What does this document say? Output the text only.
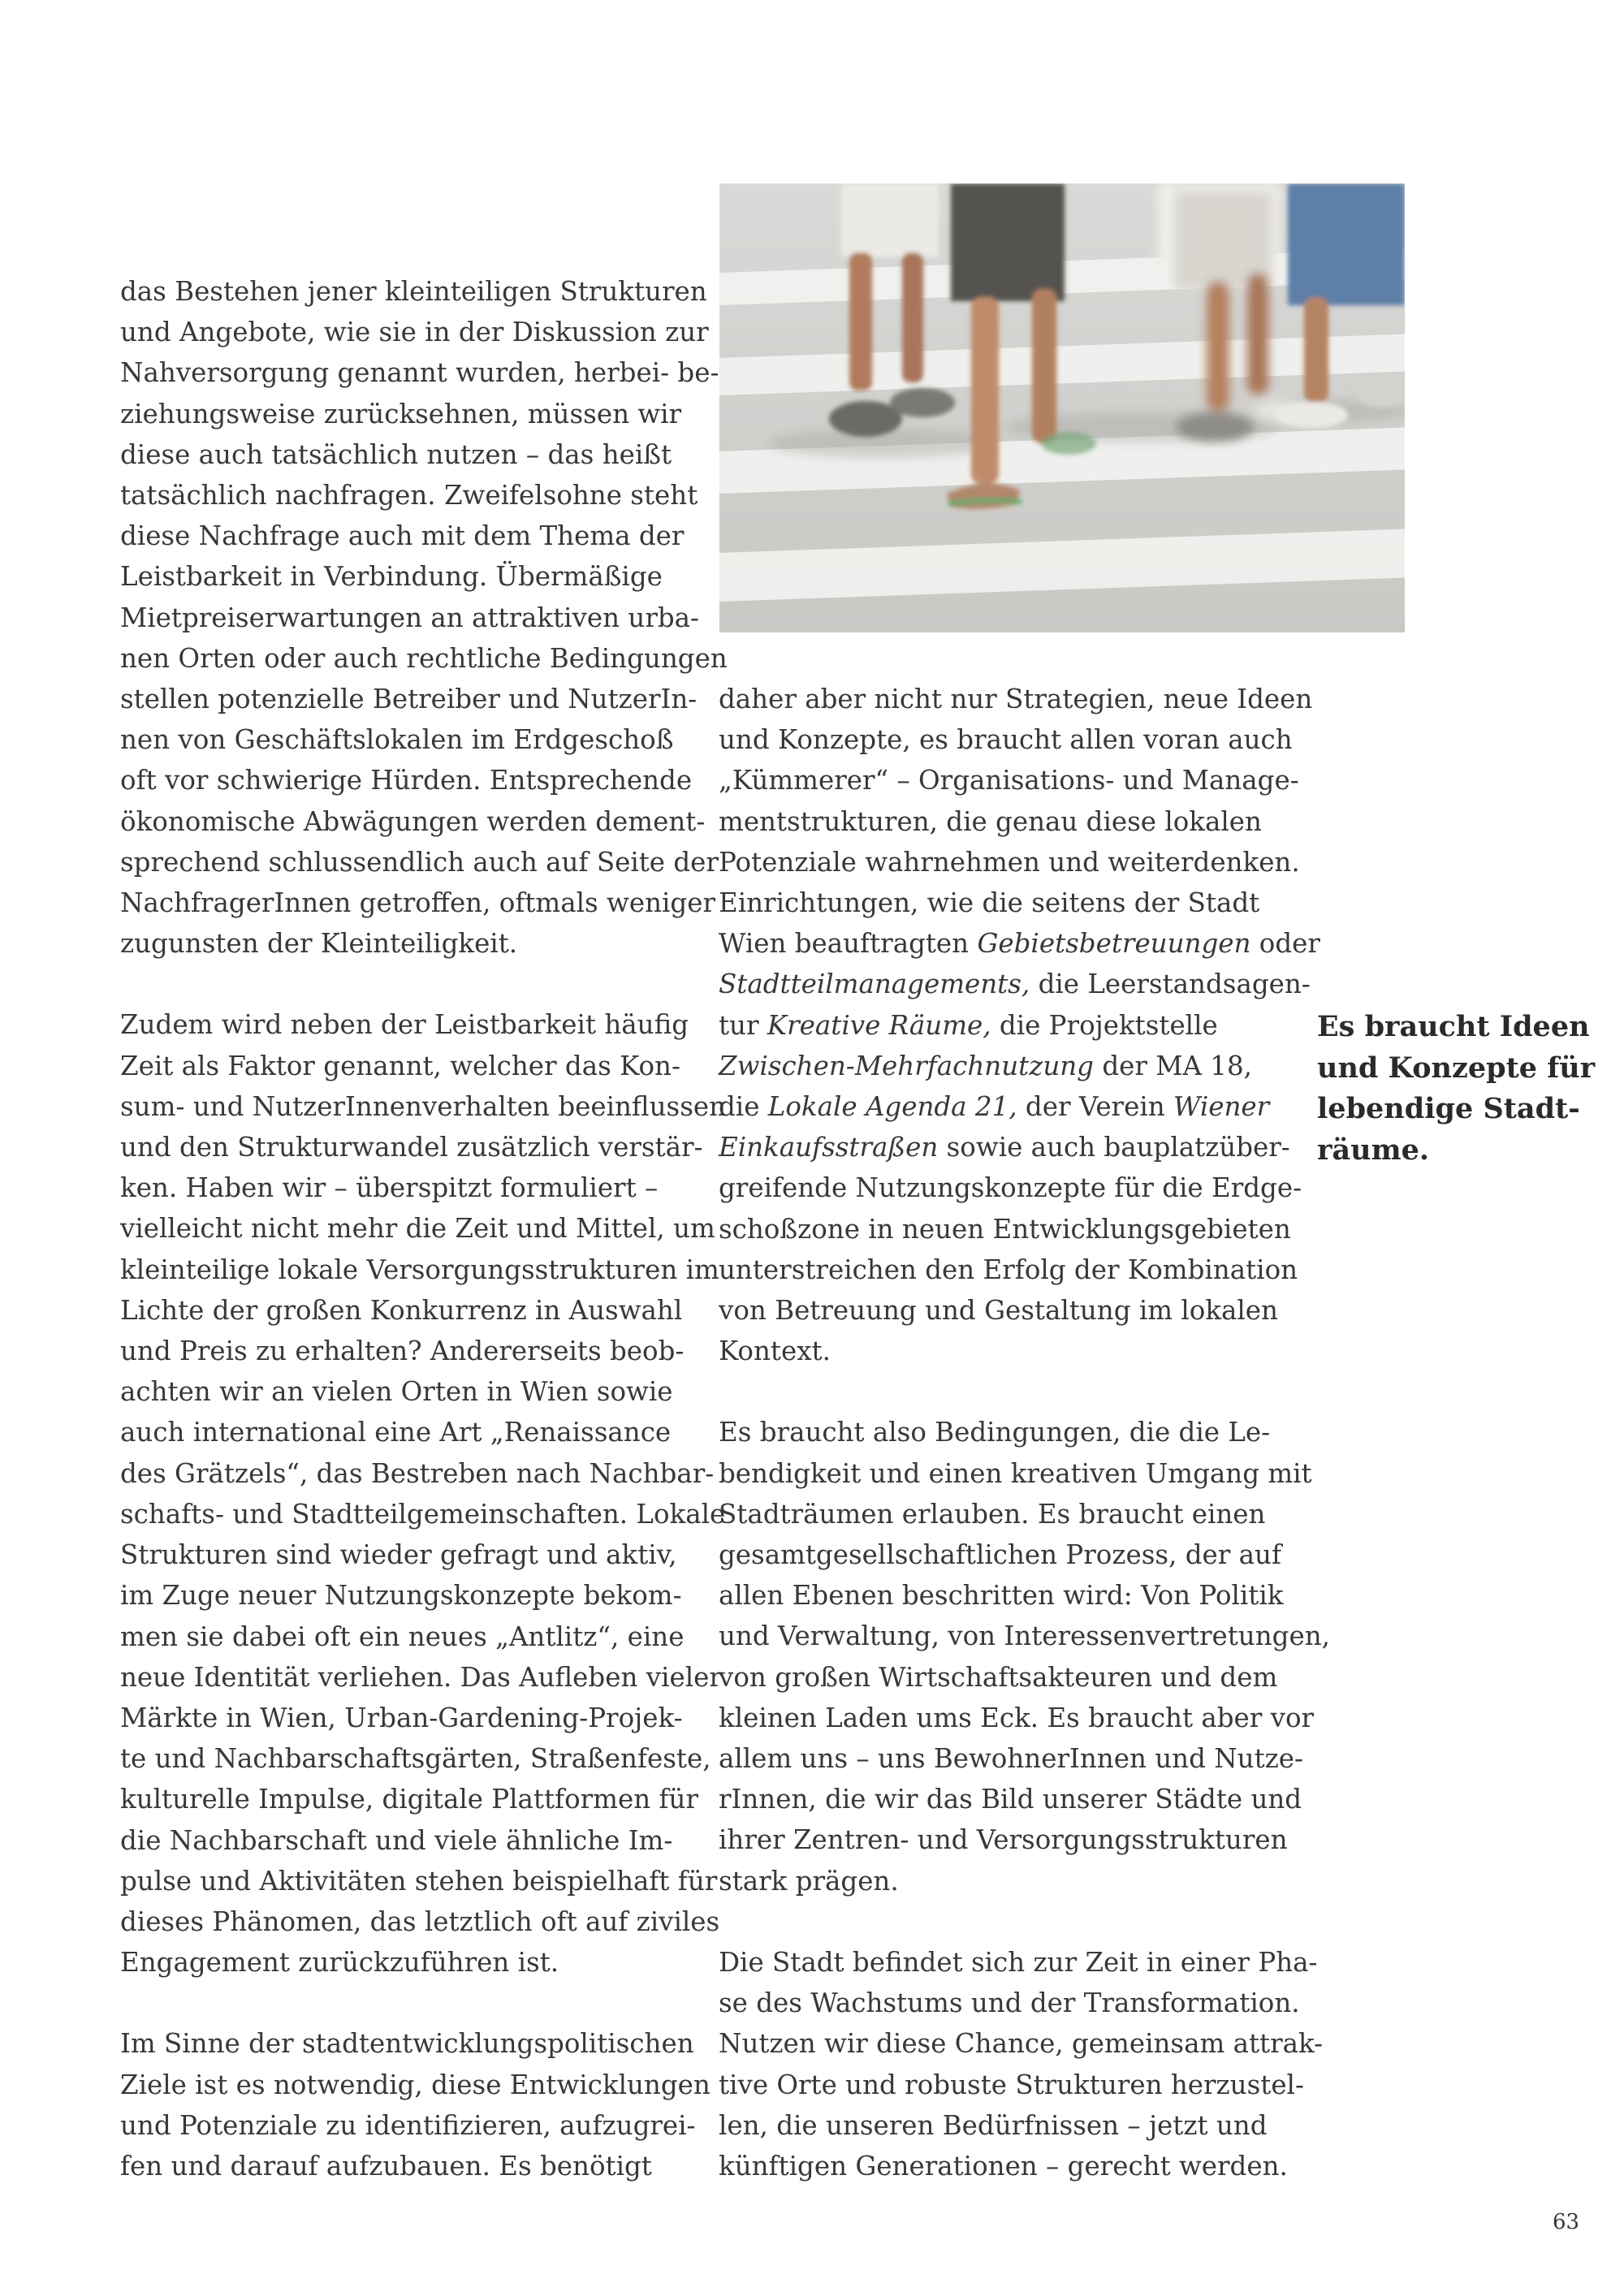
das Bestehen jener kleinteiligen Strukturen
und Angebote, wie sie in der Diskussion zur
Nahversorgung genannt wurden, herbei- be-
ziehungsweise zurücksehnen, müssen wir
diese auch tatsächlich nutzen – das heißt
tatsächlich nachfragen. Zweifelsohne steht
diese Nachfrage auch mit dem Thema der
Leistbarkeit in Verbindung. Übermäßige
Mietpreiserwartungen an attraktiven urba-
nen Orten oder auch rechtliche Bedingungen
stellen potenzielle Betreiber und NutzerIn-
nen von Geschäftslokalen im Erdgeschoß
oft vor schwierige Hürden. Entsprechende
ökonomische Abwägungen werden dement-
sprechend schlussendlich auch auf Seite der
NachfragerInnen getroffen, oftmals weniger
zugunsten der Kleinteiligkeit.
Zudem wird neben der Leistbarkeit häufig
Zeit als Faktor genannt, welcher das Kon-
sum- und NutzerInnenverhalten beeinflussen
und den Strukturwandel zusätzlich verstär-
ken. Haben wir – überspitzt formuliert –
vielleicht nicht mehr die Zeit und Mittel, um
kleinteilige lokale Versorgungsstrukturen im
Lichte der großen Konkurrenz in Auswahl
und Preis zu erhalten? Andererseits beob-
achten wir an vielen Orten in Wien sowie
auch international eine Art „Renaissance
des Grätzels“, das Bestreben nach Nachbar-
schafts- und Stadtteilgemeinschaften. Lokale
Strukturen sind wieder gefragt und aktiv,
im Zuge neuer Nutzungskonzepte bekom-
men sie dabei oft ein neues „Antlitz“, eine
neue Identität verliehen. Das Aufleben vieler
Märkte in Wien, Urban-Gardening-Projek-
te und Nachbarschaftsgärten, Straßenfeste,
kulturelle Impulse, digitale Plattformen für
die Nachbarschaft und viele ähnliche Im-
pulse und Aktivitäten stehen beispielhaft für
dieses Phänomen, das letztlich oft auf ziviles
Engagement zurückzuführen ist.
Im Sinne der stadtentwicklungspolitischen
Ziele ist es notwendig, diese Entwicklungen
und Potenziale zu identifizieren, aufzugrei-
fen und darauf aufzubauen. Es benötigt
daher aber nicht nur Strategien, neue Ideen
und Konzepte, es braucht allen voran auch
„Kümmerer“ – Organisations- und Manage-
mentstrukturen, die genau diese lokalen
Potenziale wahrnehmen und weiterdenken.
Einrichtungen, wie die seitens der Stadt
Wien beauftragten Gebietsbetreuungen oder
Stadtteilmanagements, die Leerstandsagen-
tur Kreative Räume, die Projektstelle
Zwischen-Mehrfachnutzung der MA 18,
die Lokale Agenda 21, der Verein Wiener
Einkaufsstraßen sowie auch bauplatzüber-
greifende Nutzungskonzepte für die Erdge-
schoßzone in neuen Entwicklungsgebieten
unterstreichen den Erfolg der Kombination
von Betreuung und Gestaltung im lokalen
Kontext.
Es braucht also Bedingungen, die die Le-
bendigkeit und einen kreativen Umgang mit
Stadträumen erlauben. Es braucht einen
gesamtgesellschaftlichen Prozess, der auf
allen Ebenen beschritten wird: Von Politik
und Verwaltung, von Interessenvertretungen,
von großen Wirtschaftsakteuren und dem
kleinen Laden ums Eck. Es braucht aber vor
allem uns – uns BewohnerInnen und Nutze-
rInnen, die wir das Bild unserer Städte und
ihrer Zentren- und Versorgungsstrukturen
stark prägen.
Die Stadt befindet sich zur Zeit in einer Pha-
se des Wachstums und der Transformation.
Nutzen wir diese Chance, gemeinsam attrak-
tive Orte und robuste Strukturen herzustel-
len, die unseren Bedürfnissen – jetzt und
künftigen Generationen – gerecht werden.
Es braucht Ideen
und Konzepte für
lebendige Stadt-
räume.
63
